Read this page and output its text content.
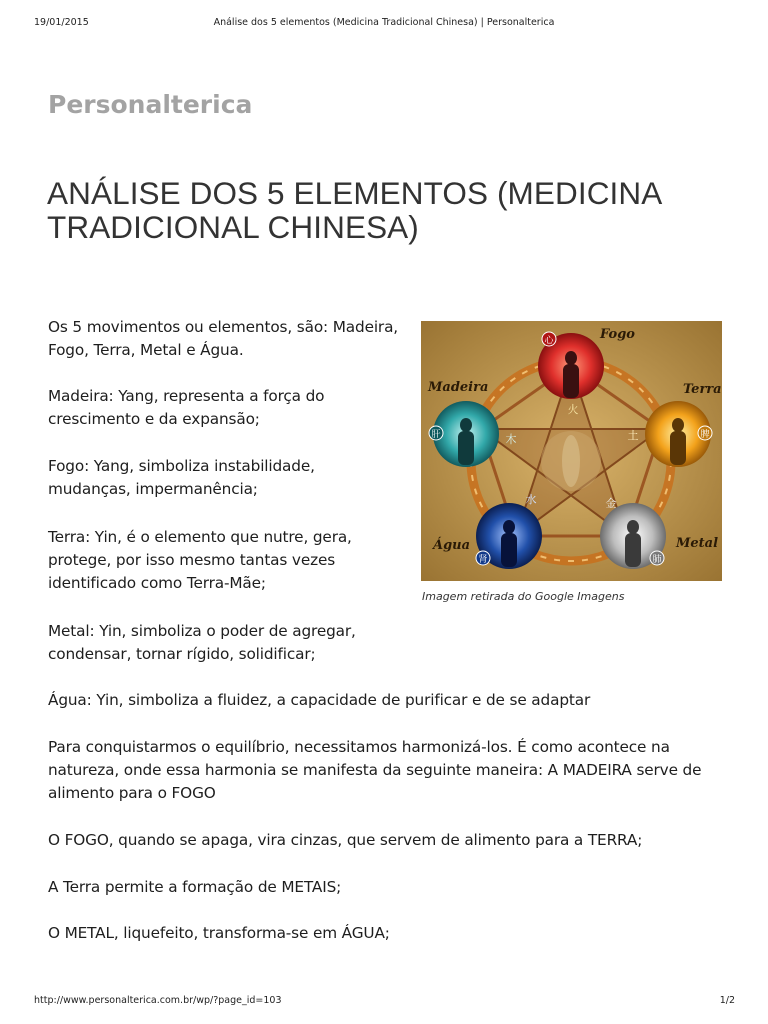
19/01/2015	Análise dos 5 elementos (Medicina Tradicional Chinesa) | Personalterica
Personalterica
ANÁLISE DOS 5 ELEMENTOS (MEDICINA TRADICIONAL CHINESA)

Os 5 movimentos ou elementos, são: Madeira, Fogo, Terra, Metal e Água.

Madeira: Yang, representa a força do crescimento e da expansão;

Fogo: Yang, simboliza instabilidade, mudanças, impermanência;

Terra: Yin, é o elemento que nutre, gera, protege, por isso mesmo tantas vezes identificado como Terra-Mãe;

Metal: Yin, simboliza o poder de agregar, condensar, tornar rígido, solidificar;

Água: Yin, simboliza a fluidez, a capacidade de purificar e de se adaptar

Para conquistarmos o equilíbrio, necessitamos harmonizá-los. É como acontece na natureza, onde essa harmonia se manifesta da seguinte maneira: A MADEIRA serve de alimento para o FOGO

O FOGO, quando se apaga, vira cinzas, que servem de alimento para a TERRA;

A Terra permite a formação de METAIS;

O METAL, liquefeito, transforma-se em ÁGUA;

心
火
肝	木	脾
土
肾
水
肺
金
Fogo
Madeira	Terra
Água	Metal
Imagem retirada do Google Imagens
http://www.personalterica.com.br/wp/?page_id=103	1/2
